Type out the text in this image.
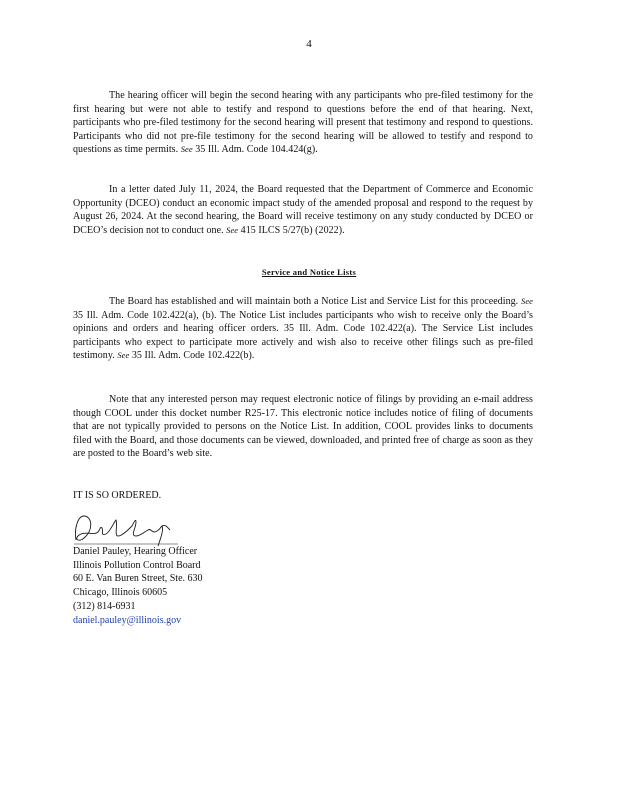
4

The hearing officer will begin the second hearing with any participants who pre-filed testimony for the first hearing but were not able to testify and respond to questions before the end of that hearing. Next, participants who pre-filed testimony for the second hearing will present that testimony and respond to questions. Participants who did not pre-file testimony for the second hearing will be allowed to testify and respond to questions as time permits. See 35 Ill. Adm. Code 104.424(g).

In a letter dated July 11, 2024, the Board requested that the Department of Commerce and Economic Opportunity (DCEO) conduct an economic impact study of the amended proposal and respond to the request by August 26, 2024. At the second hearing, the Board will receive testimony on any study conducted by DCEO or DCEO’s decision not to conduct one. See 415 ILCS 5/27(b) (2022).

Service and Notice Lists

The Board has established and will maintain both a Notice List and Service List for this proceeding. See 35 Ill. Adm. Code 102.422(a), (b). The Notice List includes participants who wish to receive only the Board’s opinions and orders and hearing officer orders. 35 Ill. Adm. Code 102.422(a). The Service List includes participants who expect to participate more actively and wish also to receive other filings such as pre-filed testimony. See 35 Ill. Adm. Code 102.422(b).

Note that any interested person may request electronic notice of filings by providing an e-mail address though COOL under this docket number R25-17. This electronic notice includes notice of filing of documents that are not typically provided to persons on the Notice List. In addition, COOL provides links to documents filed with the Board, and those documents can be viewed, downloaded, and printed free of charge as soon as they are posted to the Board’s web site.

IT IS SO ORDERED.
Daniel Pauley, Hearing Officer
Illinois Pollution Control Board
60 E. Van Buren Street, Ste. 630
Chicago, Illinois 60605
(312) 814-6931
daniel.pauley@illinois.gov
